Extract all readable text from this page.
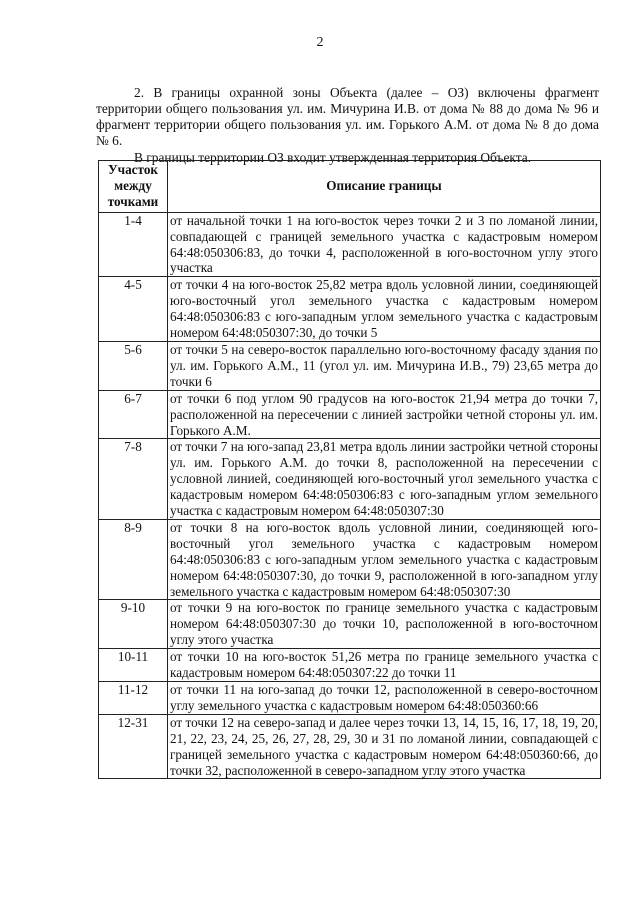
2

2. В границы охранной зоны Объекта (далее – ОЗ) включены фрагмент территории общего пользования ул. им. Мичурина И.В. от дома № 88 до дома № 96 и фрагмент территории общего пользования ул. им. Горького А.М. от дома № 8 до дома № 6.

В границы территории ОЗ входит утвержденная территория Объекта.

Участок между точками	Описание границы
1-4	от начальной точки 1 на юго-восток через точки 2 и 3 по ломаной линии, совпадающей с границей земельного участка с кадастровым номером 64:48:050306:83, до точки 4, расположенной в юго-восточном углу этого участка
4-5	от точки 4 на юго-восток 25,82 метра вдоль условной линии, соединяющей юго-восточный угол земельного участка с кадастровым номером 64:48:050306:83 с юго-западным углом земельного участка с кадастровым номером 64:48:050307:30, до точки 5
5-6	от точки 5 на северо-восток параллельно юго-восточному фасаду здания по ул. им. Горького А.М., 11 (угол ул. им. Мичурина И.В., 79) 23,65 метра до точки 6
6-7	от точки 6 под углом 90 градусов на юго-восток 21,94 метра до точки 7, расположенной на пересечении с линией застройки четной стороны ул. им. Горького А.М.
7-8	от точки 7 на юго-запад 23,81 метра вдоль линии застройки четной стороны ул. им. Горького А.М. до точки 8, расположенной на пересечении с условной линией, соединяющей юго-восточный угол земельного участка с кадастровым номером 64:48:050306:83 с юго-западным углом земельного участка с кадастровым номером 64:48:050307:30
8-9	от точки 8 на юго-восток вдоль условной линии, соединяющей юго-восточный угол земельного участка с кадастровым номером 64:48:050306:83 с юго-западным углом земельного участка с кадастровым номером 64:48:050307:30, до точки 9, расположенной в юго-западном углу земельного участка с кадастровым номером 64:48:050307:30
9-10	от точки 9 на юго-восток по границе земельного участка с кадастровым номером 64:48:050307:30 до точки 10, расположенной в юго-восточном углу этого участка
10-11	от точки 10 на юго-восток 51,26 метра по границе земельного участка с кадастровым номером 64:48:050307:22 до точки 11
11-12	от точки 11 на юго-запад до точки 12, расположенной в северо-восточном углу земельного участка с кадастровым номером 64:48:050360:66
12-31	от точки 12 на северо-запад и далее через точки 13, 14, 15, 16, 17, 18, 19, 20, 21, 22, 23, 24, 25, 26, 27, 28, 29, 30 и 31 по ломаной линии, совпадающей с границей земельного участка с кадастровым номером 64:48:050360:66, до точки 32, расположенной в северо-западном углу этого участка
